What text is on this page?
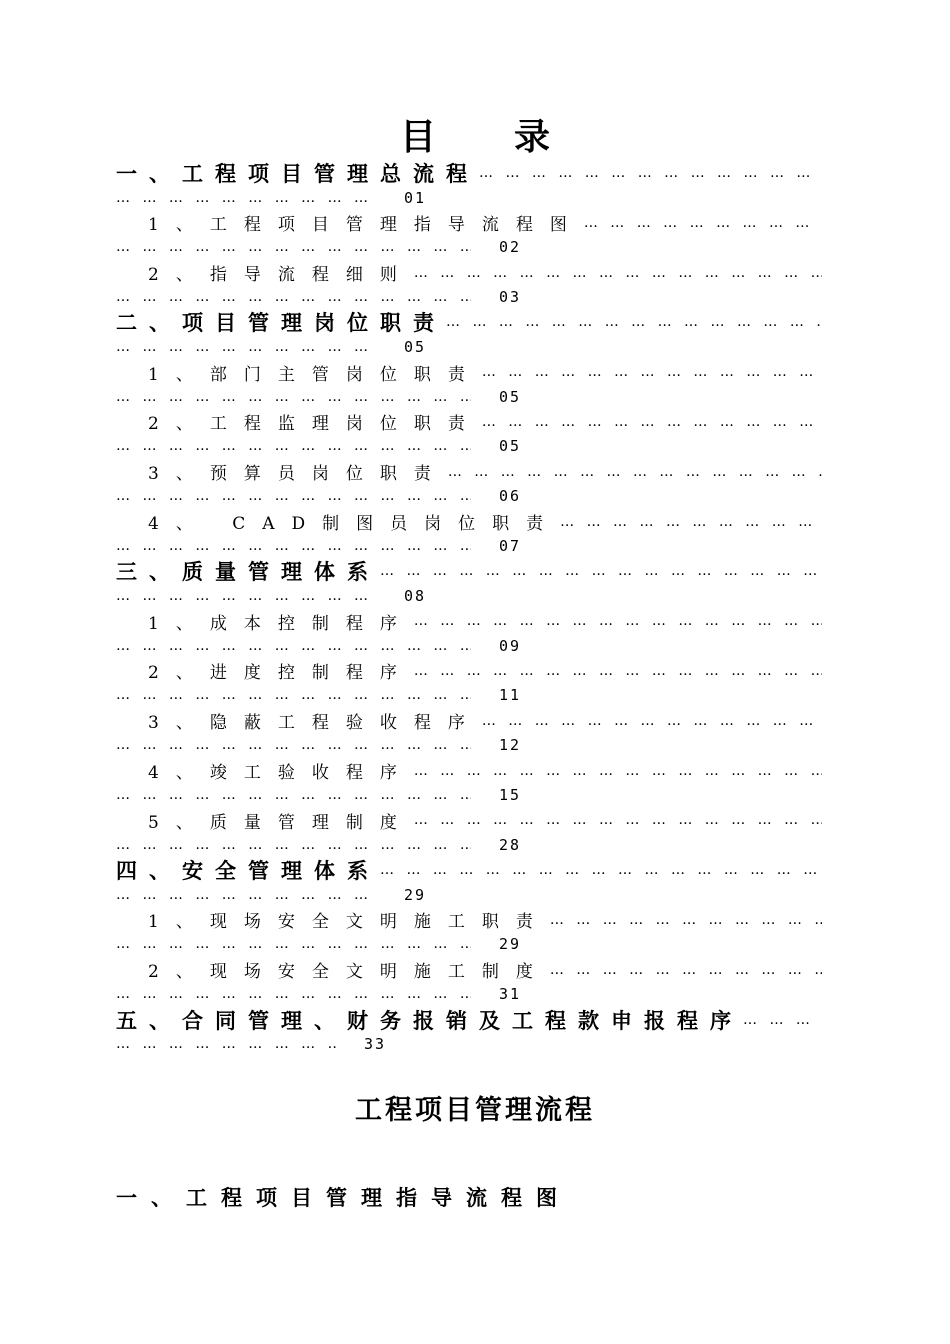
目 录
一、工程项目管理总流程
… … … … … … … … … … … … … … … … … … … … … … … … … … … … … … … … … … … …
… … … … … … … … … … … … … … … …
01
1、工程项目管理指导流程图
… … … … … … … … … … … … … … … … … … … … … … … … … … … … … … … … … … … …
… … … … … … … … … … … … … … … …
02
2、指导流程细则
… … … … … … … … … … … … … … … … … … … … … … … … … … … … … … … … … … … …
… … … … … … … … … … … … … … … …
03
二、项目管理岗位职责
… … … … … … … … … … … … … … … … … … … … … … … … … … … … … … … … … … … …
… … … … … … … … … … … … … … … …
05
1、部门主管岗位职责
… … … … … … … … … … … … … … … … … … … … … … … … … … … … … … … … … … … …
… … … … … … … … … … … … … … … …
05
2、工程监理岗位职责
… … … … … … … … … … … … … … … … … … … … … … … … … … … … … … … … … … … …
… … … … … … … … … … … … … … … …
05
3、预算员岗位职责
… … … … … … … … … … … … … … … … … … … … … … … … … … … … … … … … … … … …
… … … … … … … … … … … … … … … …
06
4、 CAD制图员岗位职责
… … … … … … … … … … … … … … … … … … … … … … … … … … … … … … … … … … … …
… … … … … … … … … … … … … … … …
07
三、质量管理体系
… … … … … … … … … … … … … … … … … … … … … … … … … … … … … … … … … … … …
… … … … … … … … … … … … … … … …
08
1、成本控制程序
… … … … … … … … … … … … … … … … … … … … … … … … … … … … … … … … … … … …
… … … … … … … … … … … … … … … …
09
2、进度控制程序
… … … … … … … … … … … … … … … … … … … … … … … … … … … … … … … … … … … …
… … … … … … … … … … … … … … … …
11
3、隐蔽工程验收程序
… … … … … … … … … … … … … … … … … … … … … … … … … … … … … … … … … … … …
… … … … … … … … … … … … … … … …
12
4、竣工验收程序
… … … … … … … … … … … … … … … … … … … … … … … … … … … … … … … … … … … …
… … … … … … … … … … … … … … … …
15
5、质量管理制度
… … … … … … … … … … … … … … … … … … … … … … … … … … … … … … … … … … … …
… … … … … … … … … … … … … … … …
28
四、安全管理体系
… … … … … … … … … … … … … … … … … … … … … … … … … … … … … … … … … … … …
… … … … … … … … … … … … … … … …
29
1、现场安全文明施工职责
… … … … … … … … … … … … … … … … … … … … … … … … … … … … … … … … … … … …
… … … … … … … … … … … … … … … …
29
2、现场安全文明施工制度
… … … … … … … … … … … … … … … … … … … … … … … … … … … … … … … … … … … …
… … … … … … … … … … … … … … … …
31
五、合同管理、财务报销及工程款申报程序
… … … … … … … … … … … … … … … … … … … … … … … … … … … … … … … … … … … …
… … … … … … … … … … … … … … … …
33
工程项目管理流程
一、工程项目管理指导流程图
